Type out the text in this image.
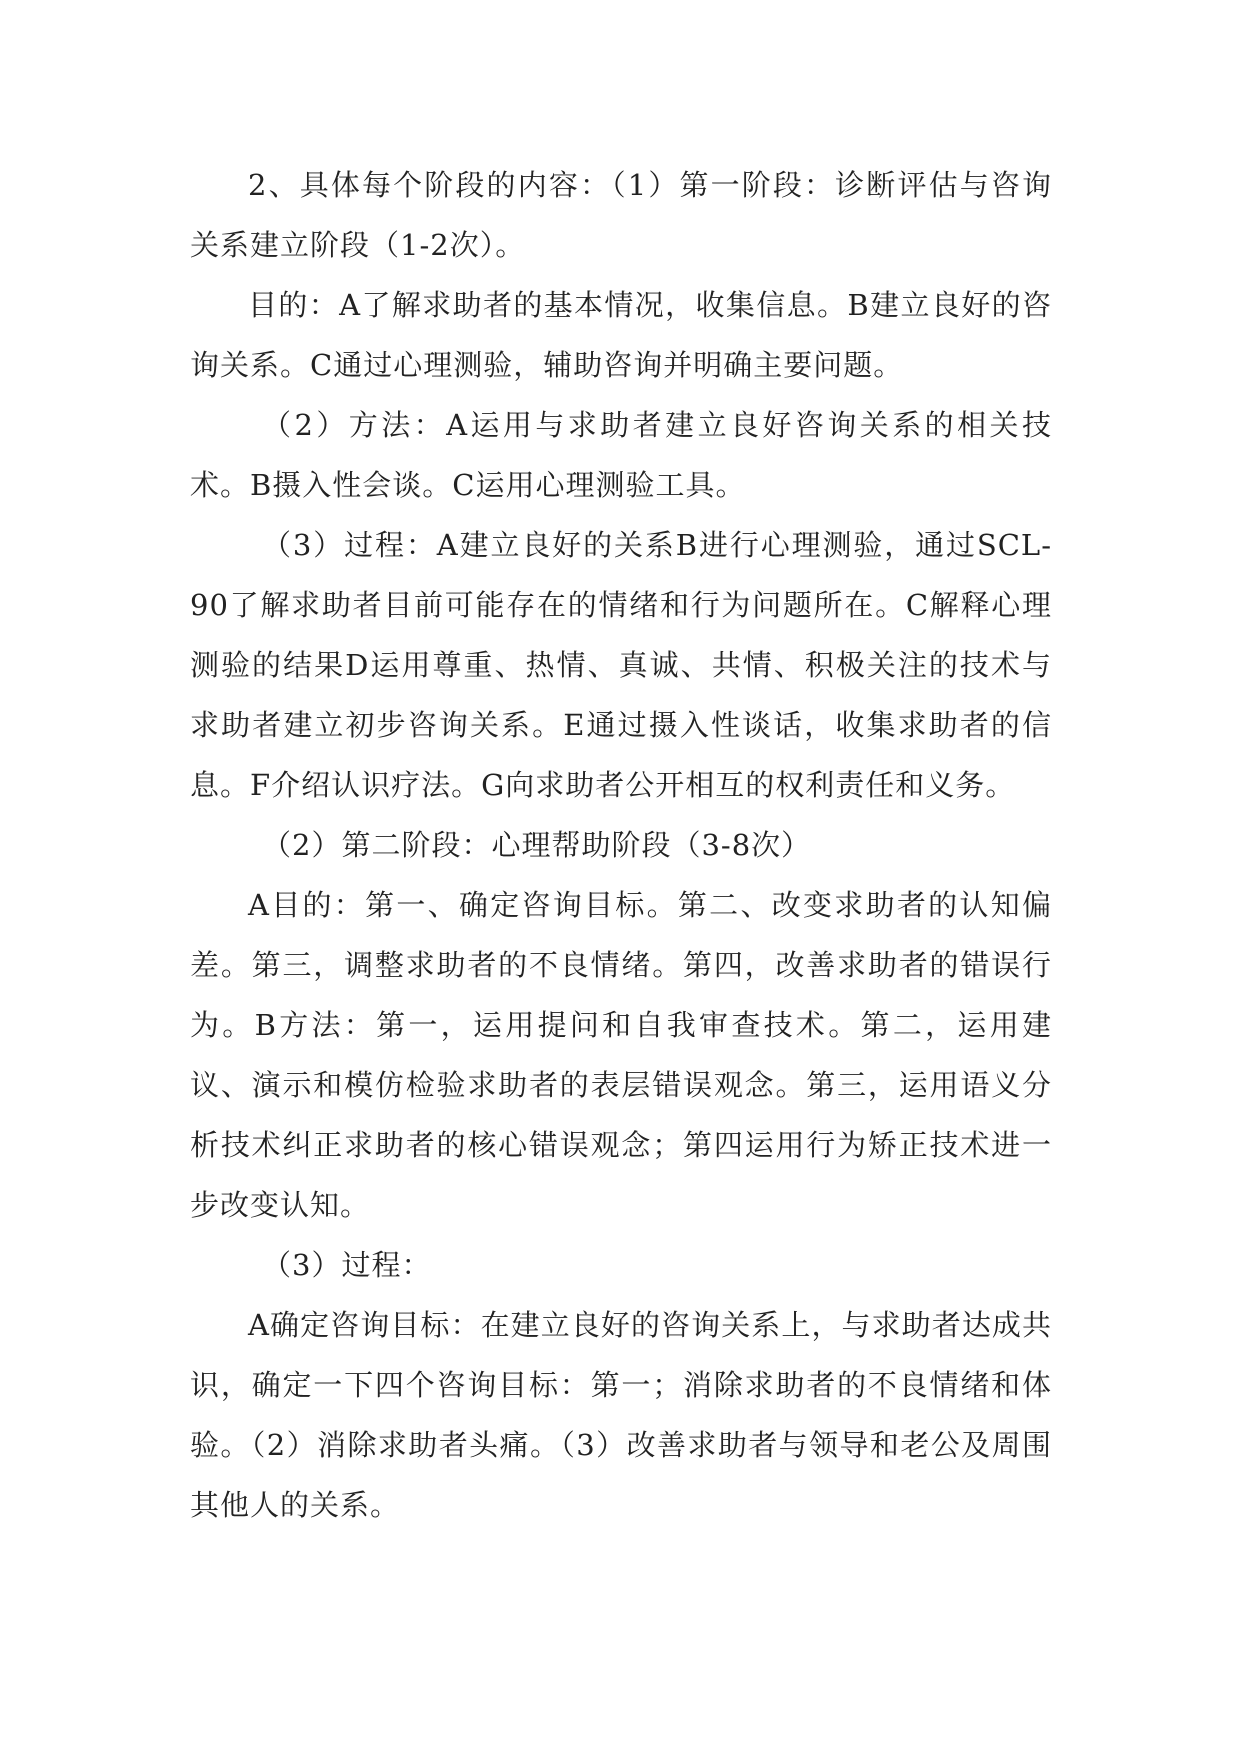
2、具体每个阶段的内容：（1）第一阶段：诊断评估与咨询关系建立阶段（1-2次）。

目的：A了解求助者的基本情况，收集信息。B建立良好的咨询关系。C通过心理测验，辅助咨询并明确主要问题。

（2）方法：A运用与求助者建立良好咨询关系的相关技术。B摄入性会谈。C运用心理测验工具。

（3）过程：A建立良好的关系B进行心理测验，通过SCL-90了解求助者目前可能存在的情绪和行为问题所在。C解释心理测验的结果D运用尊重、热情、真诚、共情、积极关注的技术与求助者建立初步咨询关系。E通过摄入性谈话，收集求助者的信息。F介绍认识疗法。G向求助者公开相互的权利责任和义务。

（2）第二阶段：心理帮助阶段（3-8次）

A目的：第一、确定咨询目标。第二、改变求助者的认知偏差。第三，调整求助者的不良情绪。第四，改善求助者的错误行为。B方法：第一，运用提问和自我审查技术。第二，运用建议、演示和模仿检验求助者的表层错误观念。第三，运用语义分析技术纠正求助者的核心错误观念；第四运用行为矫正技术进一步改变认知。

（3）过程：

A确定咨询目标：在建立良好的咨询关系上，与求助者达成共识，确定一下四个咨询目标：第一；消除求助者的不良情绪和体验。（2）消除求助者头痛。（3）改善求助者与领导和老公及周围其他人的关系。
